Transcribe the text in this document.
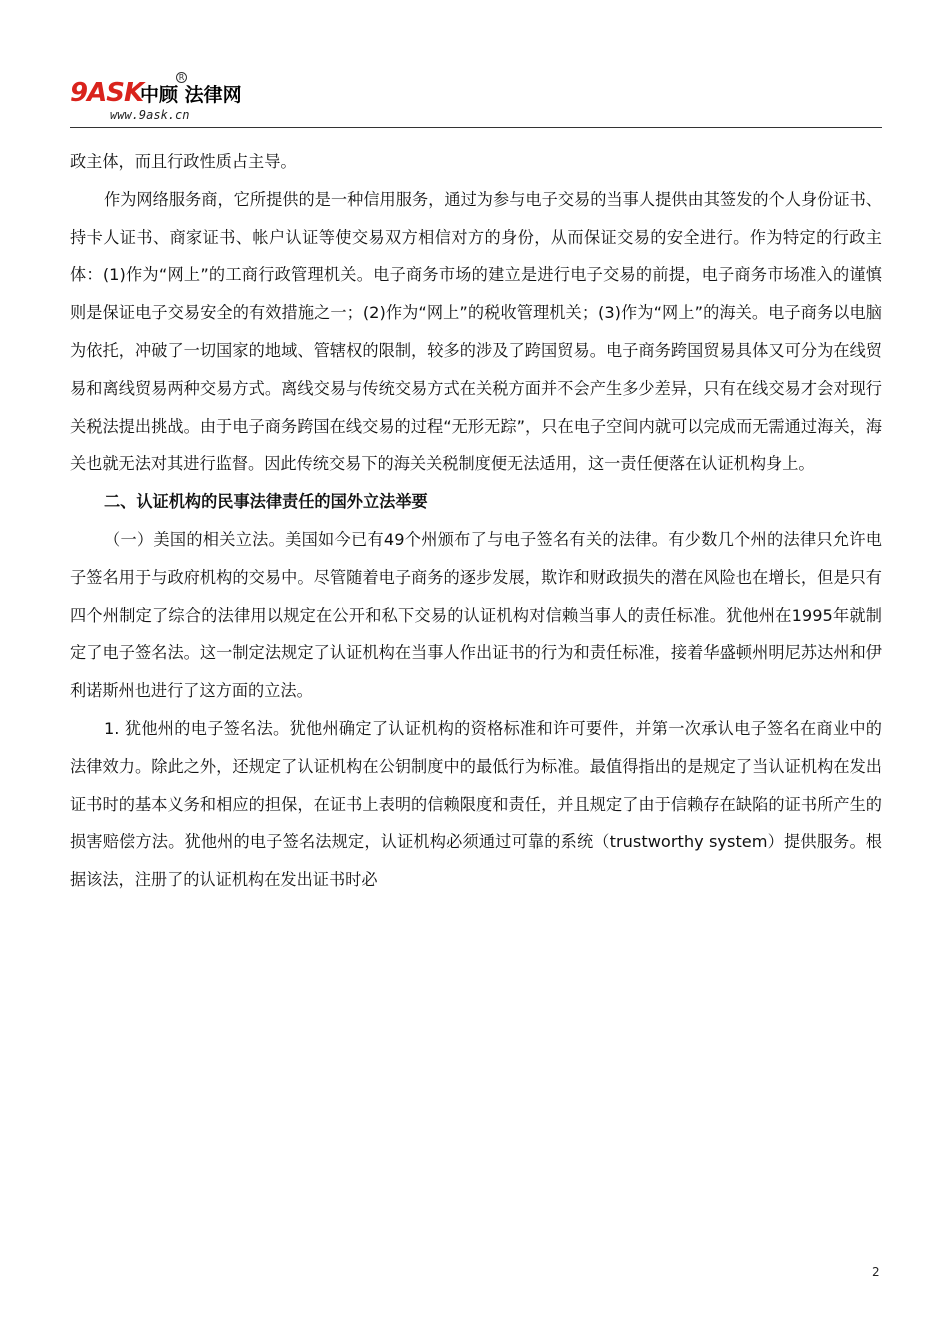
9ASK
中顾 法律网
R
www.9ask.cn

政主体，而且行政性质占主导。

作为网络服务商，它所提供的是一种信用服务，通过为参与电子交易的当事人提供由其签发的个人身份证书、持卡人证书、商家证书、帐户认证等使交易双方相信对方的身份，从而保证交易的安全进行。作为特定的行政主体：(1)作为“网上”的工商行政管理机关。电子商务市场的建立是进行电子交易的前提，电子商务市场准入的谨慎则是保证电子交易安全的有效措施之一；(2)作为“网上”的税收管理机关；(3)作为“网上”的海关。电子商务以电脑为依托，冲破了一切国家的地域、管辖权的限制，较多的涉及了跨国贸易。电子商务跨国贸易具体又可分为在线贸易和离线贸易两种交易方式。离线交易与传统交易方式在关税方面并不会产生多少差异，只有在线交易才会对现行关税法提出挑战。由于电子商务跨国在线交易的过程“无形无踪”，只在电子空间内就可以完成而无需通过海关，海关也就无法对其进行监督。因此传统交易下的海关关税制度便无法适用，这一责任便落在认证机构身上。

二、认证机构的民事法律责任的国外立法举要

（一）美国的相关立法。美国如今已有49个州颁布了与电子签名有关的法律。有少数几个州的法律只允许电子签名用于与政府机构的交易中。尽管随着电子商务的逐步发展，欺诈和财政损失的潜在风险也在增长，但是只有四个州制定了综合的法律用以规定在公开和私下交易的认证机构对信赖当事人的责任标准。犹他州在1995年就制定了电子签名法。这一制定法规定了认证机构在当事人作出证书的行为和责任标准，接着华盛顿州明尼苏达州和伊利诺斯州也进行了这方面的立法。

1. 犹他州的电子签名法。犹他州确定了认证机构的资格标准和许可要件，并第一次承认电子签名在商业中的法律效力。除此之外，还规定了认证机构在公钥制度中的最低行为标准。最值得指出的是规定了当认证机构在发出证书时的基本义务和相应的担保，在证书上表明的信赖限度和责任，并且规定了由于信赖存在缺陷的证书所产生的损害赔偿方法。犹他州的电子签名法规定，认证机构必须通过可靠的系统（trustworthy system）提供服务。根据该法，注册了的认证机构在发出证书时必

2
